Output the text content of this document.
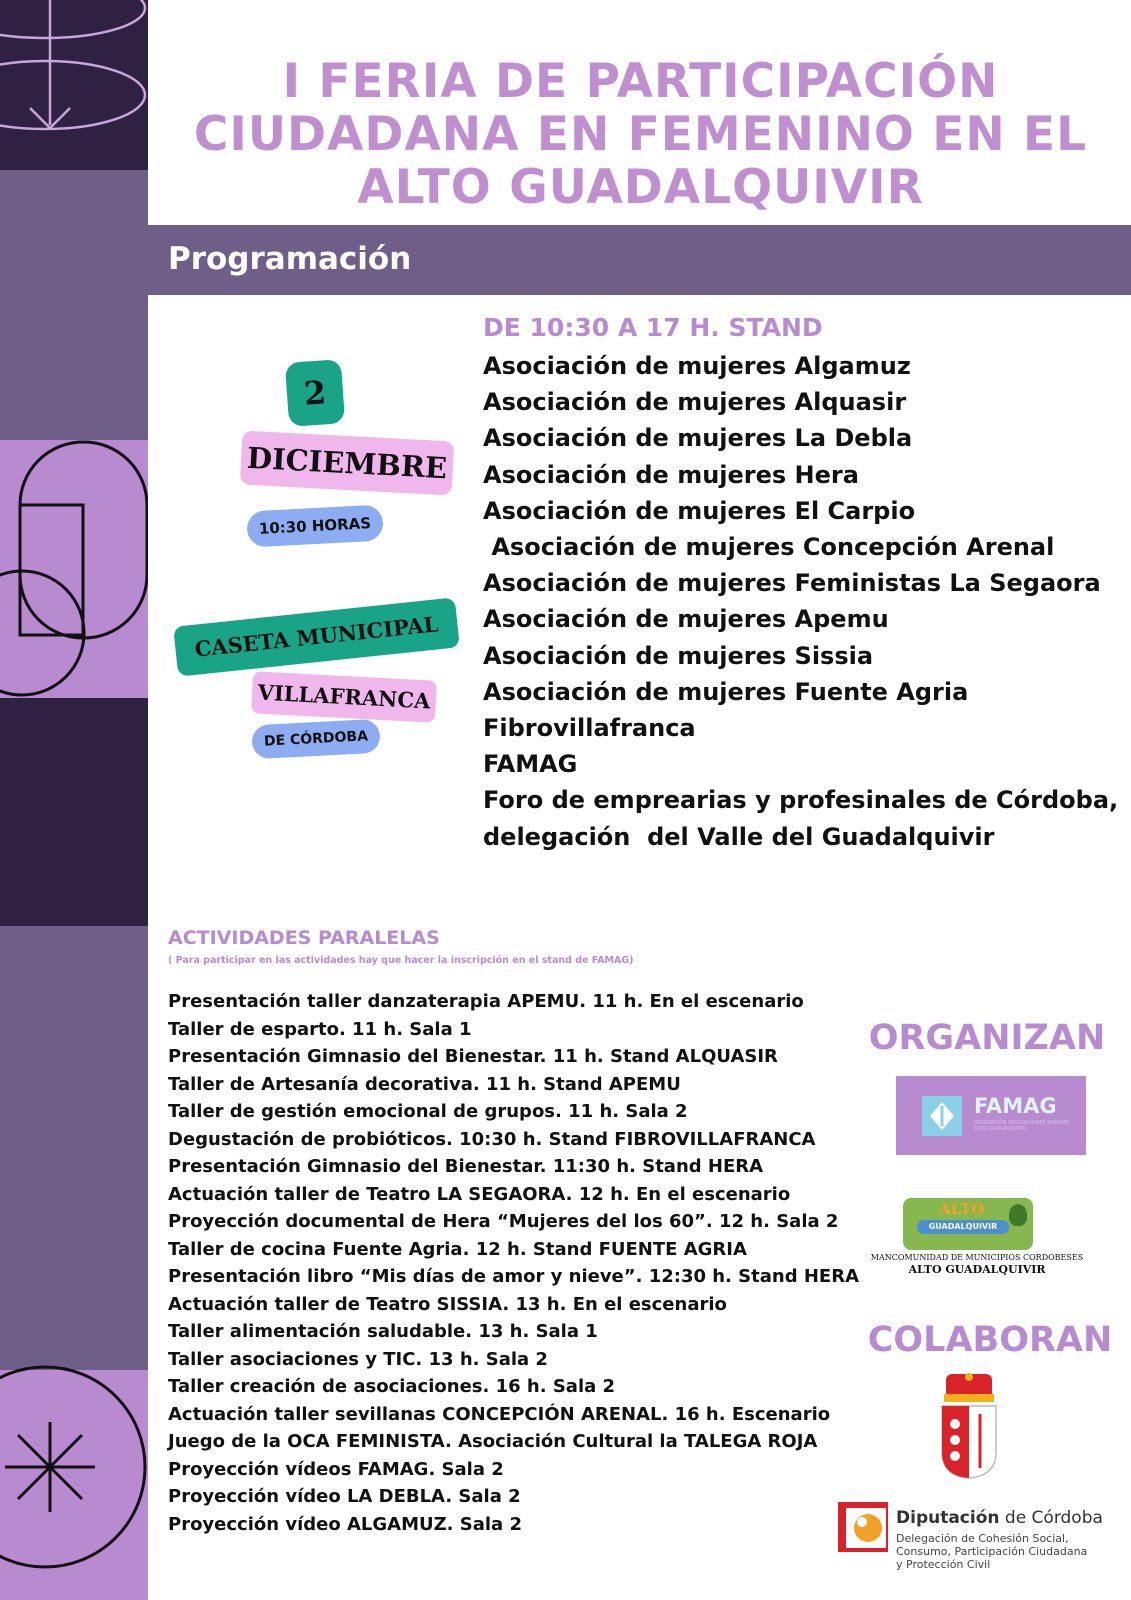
I FERIA DE PARTICIPACIÓN
CIUDADANA EN FEMENINO EN EL
ALTO GUADALQUIVIR
Programación
2
DICIEMBRE
10:30 HORAS
CASETA MUNICIPAL
VILLAFRANCA
DE CÓRDOBA
DE 10:30 A 17 H. STAND
Asociación de mujeres Algamuz
Asociación de mujeres Alquasir
Asociación de mujeres La Debla
Asociación de mujeres Hera
Asociación de mujeres El Carpio
Asociación de mujeres Concepción Arenal
Asociación de mujeres Feministas La Segaora
Asociación de mujeres Apemu
Asociación de mujeres Sissia
Asociación de mujeres Fuente Agria
Fibrovillafranca
FAMAG
Foro de emprearias y profesinales de Córdoba,
delegación  del Valle del Guadalquivir
ACTIVIDADES PARALELAS
( Para participar en las actividades hay que hacer la inscripción en el stand de FAMAG)
Presentación taller danzaterapia APEMU. 11 h. En el escenario
Taller de esparto. 11 h. Sala 1
Presentación Gimnasio del Bienestar. 11 h. Stand ALQUASIR
Taller de Artesanía decorativa. 11 h. Stand APEMU
Taller de gestión emocional de grupos. 11 h. Sala 2
Degustación de probióticos. 10:30 h. Stand FIBROVILLAFRANCA
Presentación Gimnasio del Bienestar. 11:30 h. Stand HERA
Actuación taller de Teatro LA SEGAORA. 12 h. En el escenario
Proyección documental de Hera “Mujeres del los 60”. 12 h. Sala 2
Taller de cocina Fuente Agria. 12 h. Stand FUENTE AGRIA
Presentación libro “Mis días de amor y nieve”. 12:30 h. Stand HERA
Actuación taller de Teatro SISSIA. 13 h. En el escenario
Taller alimentación saludable. 13 h. Sala 1
Taller asociaciones y TIC. 13 h. Sala 2
Taller creación de asociaciones. 16 h. Sala 2
Actuación taller sevillanas CONCEPCIÓN ARENAL. 16 h. Escenario
Juego de la OCA FEMINISTA. Asociación Cultural la TALEGA ROJA
Proyección vídeos FAMAG. Sala 2
Proyección vídeo LA DEBLA. Sala 2
Proyección vídeo ALGAMUZ. Sala 2
ORGANIZAN
FAMAG
FEDERACIÓN ASOCIACIONES MUJERES ALTO GUADALQUIVIR
ALTO
GUADALQUIVIR
MANCOMUNIDAD DE MUNICIPIOS CORDOBESES
ALTO GUADALQUIVIR
COLABORAN
Diputación de Córdoba
Delegación de Cohesión Social,
Consumo, Participación Ciudadana
y Protección Civil
